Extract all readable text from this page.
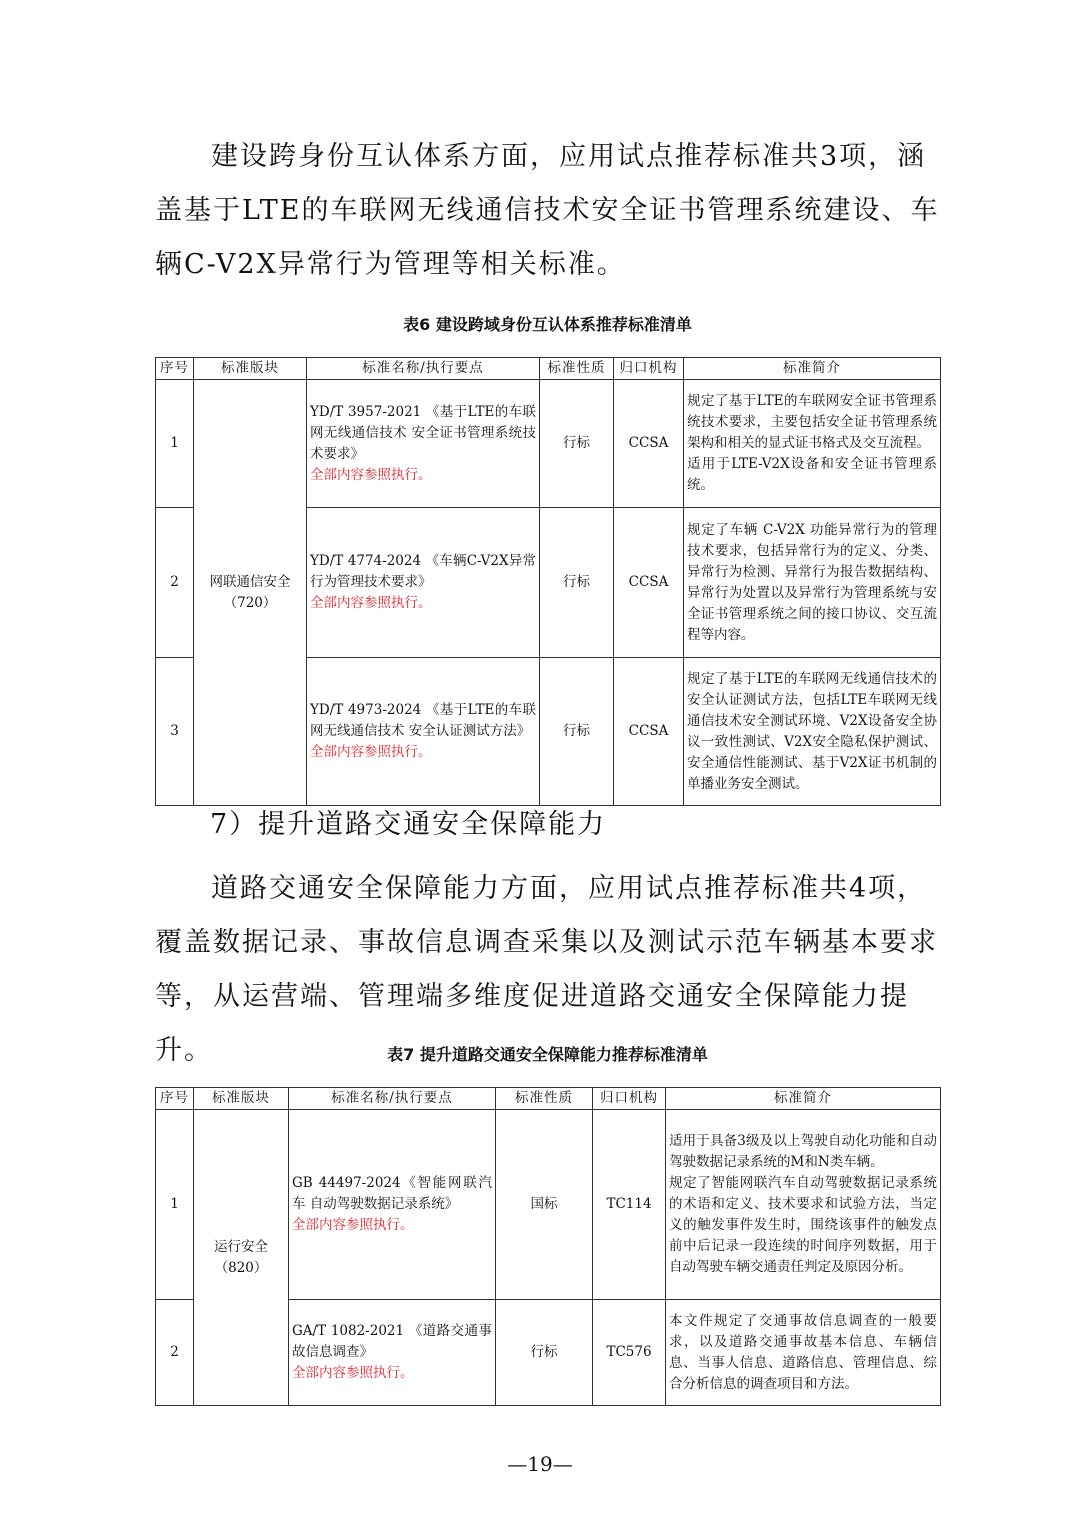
建设跨身份互认体系方面，应用试点推荐标准共3项，涵盖基于LTE的车联网无线通信技术安全证书管理系统建设、车辆C-V2X异常行为管理等相关标准。

表6 建设跨域身份互认体系推荐标准清单

序号	标准版块	标准名称/执行要点	标准性质	归口机构	标准简介
1	网联通信安全（720）	YD/T 3957-2021 《基于LTE的车联网无线通信技术 安全证书管理系统技术要求》
全部内容参照执行。	行标	CCSA	规定了基于LTE的车联网安全证书管理系统技术要求，主要包括安全证书管理系统架构和相关的显式证书格式及交互流程。
适用于LTE-V2X设备和安全证书管理系统。
2		YD/T 4774-2024 《车辆C-V2X异常行为管理技术要求》
全部内容参照执行。	行标	CCSA	规定了车辆 C-V2X 功能异常行为的管理技术要求，包括异常行为的定义、分类、异常行为检测、异常行为报告数据结构、异常行为处置以及异常行为管理系统与安全证书管理系统之间的接口协议、交互流程等内容。
3		YD/T 4973-2024 《基于LTE的车联网无线通信技术 安全认证测试方法》
全部内容参照执行。	行标	CCSA	规定了基于LTE的车联网无线通信技术的安全认证测试方法，包括LTE车联网无线通信技术安全测试环境、V2X设备安全协议一致性测试、V2X安全隐私保护测试、安全通信性能测试、基于V2X证书机制的单播业务安全测试。

7）提升道路交通安全保障能力

道路交通安全保障能力方面，应用试点推荐标准共4项，覆盖数据记录、事故信息调查采集以及测试示范车辆基本要求等，从运营端、管理端多维度促进道路交通安全保障能力提升。	表7 提升道路交通安全保障能力推荐标准清单

序号	标准版块	标准名称/执行要点	标准性质	归口机构	标准简介
1	运行安全（820）	GB 44497-2024《智能网联汽车 自动驾驶数据记录系统》
全部内容参照执行。	国标	TC114	适用于具备3级及以上驾驶自动化功能和自动驾驶数据记录系统的M和N类车辆。
规定了智能网联汽车自动驾驶数据记录系统的术语和定义、技术要求和试验方法，当定义的触发事件发生时，围绕该事件的触发点前中后记录一段连续的时间序列数据，用于自动驾驶车辆交通责任判定及原因分析。
2		GA/T 1082-2021 《道路交通事故信息调查》
全部内容参照执行。	行标	TC576	本文件规定了交通事故信息调查的一般要求，以及道路交通事故基本信息、车辆信息、当事人信息、道路信息、管理信息、综合分析信息的调查项目和方法。

—19—
